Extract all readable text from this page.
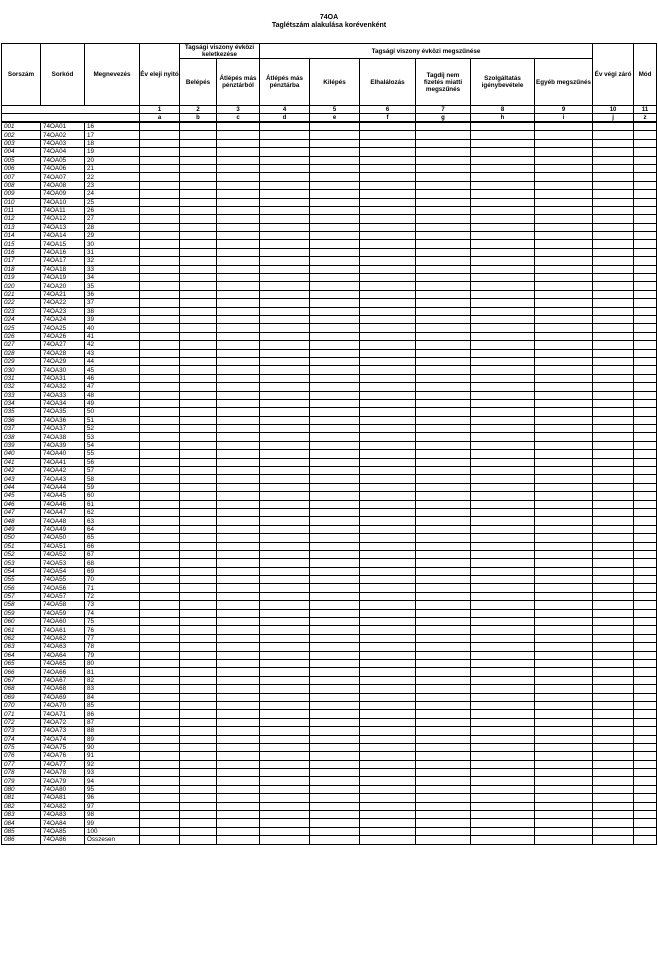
74OA
Taglétszám alakulása korévenként
Sorszám	Sorkód	Megnevezés	Év eleji nyitó	Tagsági viszony évközi keletkezése		Tagsági viszony évközi megszűnése						Év végi záró	Mód
				Belépés	Átlépés más pénztárból	Átlépés más pénztárba	Kilépés	Elhalálozás	Tagdíj nem fizetés miatti megszűnés	Szolgáltatás igénybevétele	Egyéb megszűnés		
			1	2	3	4	5	6	7	8	9	10	11
			a	b	c	d	e	f	g	h	i	j	z
001	74OA01	16											
002	74OA02	17											
003	74OA03	18											
004	74OA04	19											
005	74OA05	20											
006	74OA06	21											
007	74OA07	22											
008	74OA08	23											
009	74OA09	24											
010	74OA10	25											
011	74OA11	26											
012	74OA12	27											
013	74OA13	28											
014	74OA14	29											
015	74OA15	30											
016	74OA16	31											
017	74OA17	32											
018	74OA18	33											
019	74OA19	34											
020	74OA20	35											
021	74OA21	36											
022	74OA22	37											
023	74OA23	38											
024	74OA24	39											
025	74OA25	40											
026	74OA26	41											
027	74OA27	42											
028	74OA28	43											
029	74OA29	44											
030	74OA30	45											
031	74OA31	46											
032	74OA32	47											
033	74OA33	48											
034	74OA34	49											
035	74OA35	50											
036	74OA36	51											
037	74OA37	52											
038	74OA38	53											
039	74OA39	54											
040	74OA40	55											
041	74OA41	56											
042	74OA42	57											
043	74OA43	58											
044	74OA44	59											
045	74OA45	60											
046	74OA46	61											
047	74OA47	62											
048	74OA48	63											
049	74OA49	64											
050	74OA50	65											
051	74OA51	66											
052	74OA52	67											
053	74OA53	68											
054	74OA54	69											
055	74OA55	70											
056	74OA56	71											
057	74OA57	72											
058	74OA58	73											
059	74OA59	74											
060	74OA60	75											
061	74OA61	76											
062	74OA62	77											
063	74OA63	78											
064	74OA64	79											
065	74OA65	80											
066	74OA66	81											
067	74OA67	82											
068	74OA68	83											
069	74OA69	84											
070	74OA70	85											
071	74OA71	86											
072	74OA72	87											
073	74OA73	88											
074	74OA74	89											
075	74OA75	90											
076	74OA76	91											
077	74OA77	92											
078	74OA78	93											
079	74OA79	94											
080	74OA80	95											
081	74OA81	96											
082	74OA82	97											
083	74OA83	98											
084	74OA84	99											
085	74OA85	100											
086	74OA86	Összesen											
